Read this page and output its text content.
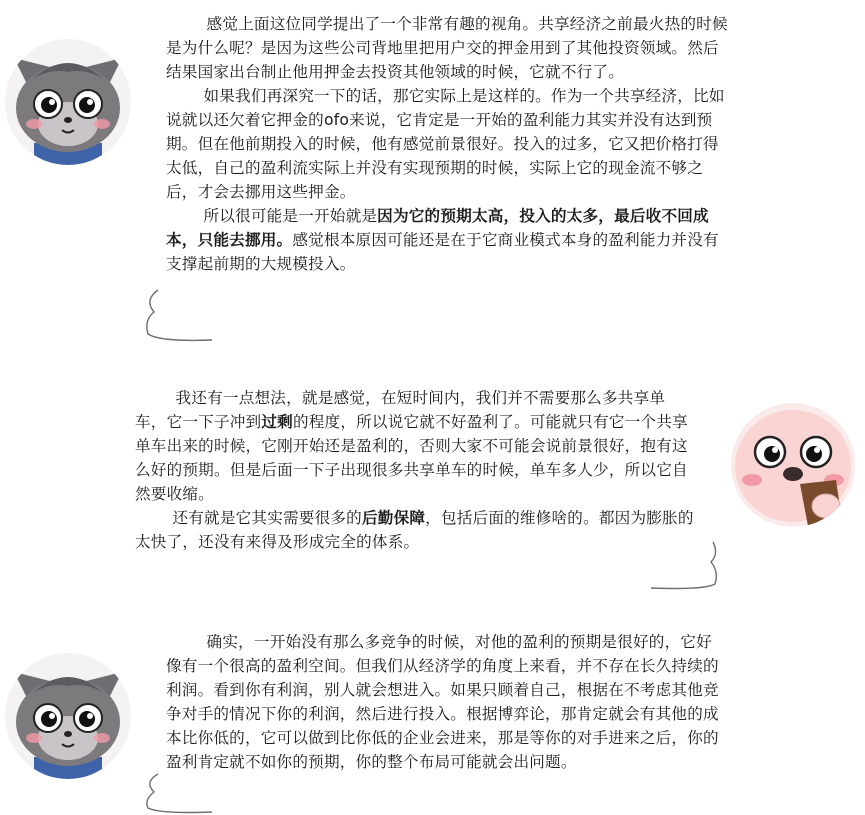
感觉上面这位同学提出了一个非常有趣的视角。共享经济之前最火热的时候是为什么呢？是因为这些公司背地里把用户交的押金用到了其他投资领域。然后结果国家出台制止他用押金去投资其他领域的时候，它就不行了。

如果我们再深究一下的话，那它实际上是这样的。作为一个共享经济，比如说就以还欠着它押金的ofo来说，它肯定是一开始的盈利能力其实并没有达到预期。但在他前期投入的时候，他有感觉前景很好。投入的过多，它又把价格打得太低，自己的盈利流实际上并没有实现预期的时候，实际上它的现金流不够之后，才会去挪用这些押金。

所以很可能是一开始就是因为它的预期太高，投入的太多，最后收不回成本，只能去挪用。感觉根本原因可能还是在于它商业模式本身的盈利能力并没有支撑起前期的大规模投入。

我还有一点想法，就是感觉，在短时间内，我们并不需要那么多共享单车，它一下子冲到过剩的程度，所以说它就不好盈利了。可能就只有它一个共享单车出来的时候，它刚开始还是盈利的，否则大家不可能会说前景很好，抱有这么好的预期。但是后面一下子出现很多共享单车的时候，单车多人少，所以它自然要收缩。

还有就是它其实需要很多的后勤保障，包括后面的维修啥的。都因为膨胀的太快了，还没有来得及形成完全的体系。

确实，一开始没有那么多竞争的时候，对他的盈利的预期是很好的，它好像有一个很高的盈利空间。但我们从经济学的角度上来看，并不存在长久持续的利润。看到你有利润，别人就会想进入。如果只顾着自己，根据在不考虑其他竞争对手的情况下你的利润，然后进行投入。根据博弈论，那肯定就会有其他的成本比你低的，它可以做到比你低的企业会进来，那是等你的对手进来之后，你的盈利肯定就不如你的预期，你的整个布局可能就会出问题。
